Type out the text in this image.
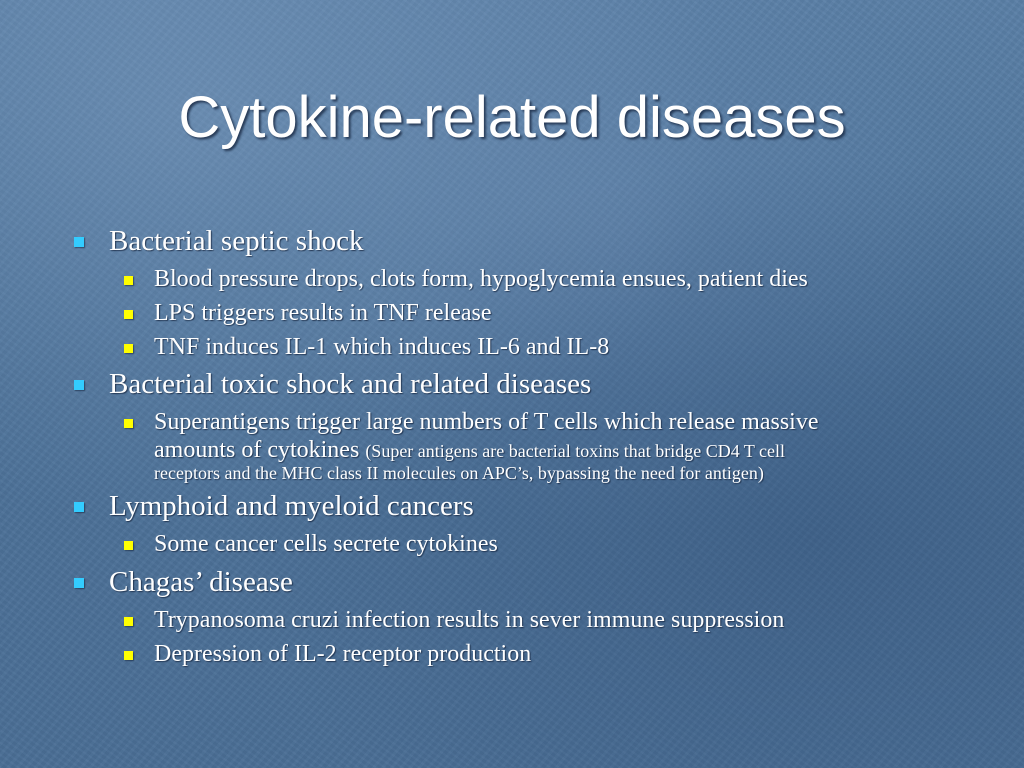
Cytokine-related diseases
Bacterial septic shock
Blood pressure drops, clots form, hypoglycemia ensues, patient dies
LPS triggers results in TNF release
TNF induces IL-1 which induces IL-6 and IL-8
Bacterial toxic shock and related diseases
Superantigens trigger large numbers of T cells which release massive
amounts of cytokines (Super antigens are bacterial toxins that bridge CD4 T cell
receptors and the MHC class II molecules on APC’s, bypassing the need for antigen)
Lymphoid and myeloid cancers
Some cancer cells secrete cytokines
Chagas’ disease
Trypanosoma cruzi infection results in sever immune suppression
Depression of IL-2 receptor production
